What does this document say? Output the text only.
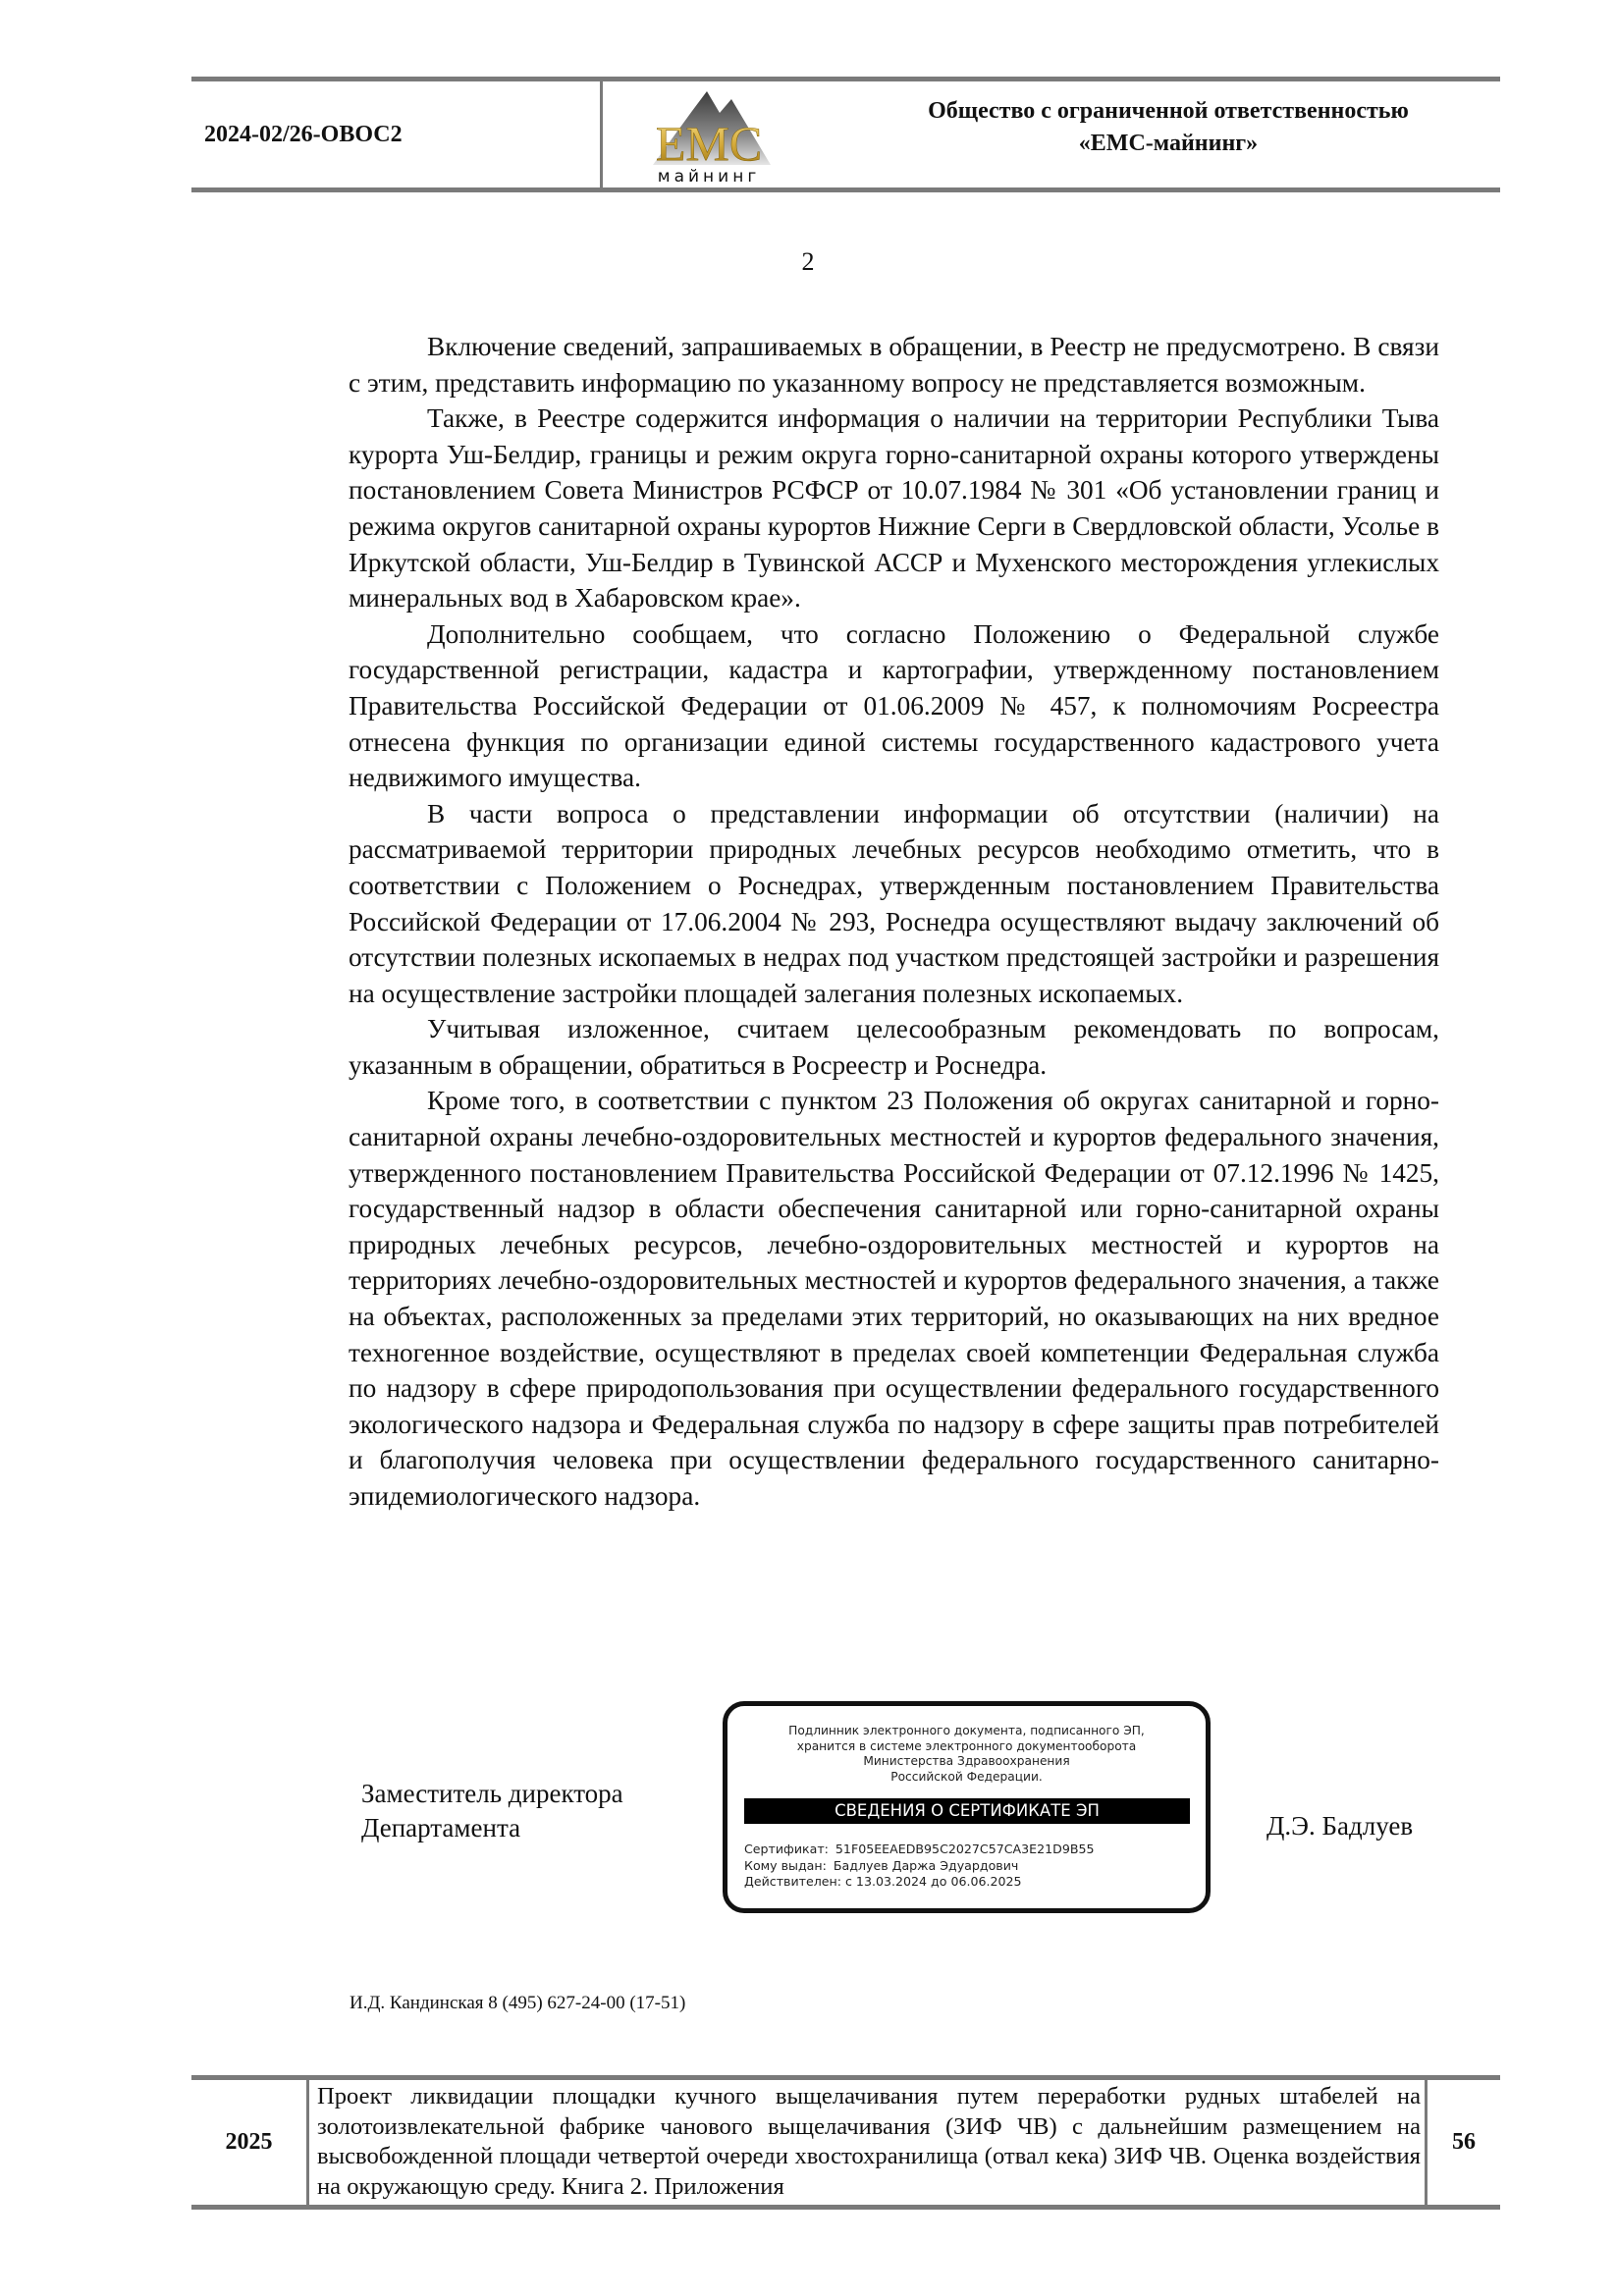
2024-02/26-ОВОС2	EMC
майнинг
Общество с ограниченной ответственностью
«ЕМС-майнинг»
2

Включение сведений, запрашиваемых в обращении, в Реестр не предусмотрено. В связи с этим, представить информацию по указанному вопросу не представляется возможным.

Также, в Реестре содержится информация о наличии на территории Республики Тыва курорта Уш-Белдир, границы и режим округа горно-санитарной охраны которого утверждены постановлением Совета Министров РСФСР от 10.07.1984 № 301 «Об установлении границ и режима округов санитарной охраны курортов Нижние Серги в Свердловской области, Усолье в Иркутской области, Уш-Белдир в Тувинской АССР и Мухенского месторождения углекислых минеральных вод в Хабаровском крае».

Дополнительно сообщаем, что согласно Положению о Федеральной службе государственной регистрации, кадастра и картографии, утвержденному постановлением Правительства Российской Федерации от 01.06.2009 № 457, к полномочиям Росреестра отнесена функция по организации единой системы государственного кадастрового учета недвижимого имущества.

В части вопроса о представлении информации об отсутствии (наличии) на рассматриваемой территории природных лечебных ресурсов необходимо отметить, что в соответствии с Положением о Роснедрах, утвержденным постановлением Правительства Российской Федерации от 17.06.2004 № 293, Роснедра осуществляют выдачу заключений об отсутствии полезных ископаемых в недрах под участком предстоящей застройки и разрешения на осуществление застройки площадей залегания полезных ископаемых.

Учитывая изложенное, считаем целесообразным рекомендовать по вопросам, указанным в обращении, обратиться в Росреестр и Роснедра.

Кроме того, в соответствии с пунктом 23 Положения об округах санитарной и горно-санитарной охраны лечебно-оздоровительных местностей и курортов федерального значения, утвержденного постановлением Правительства Российской Федерации от 07.12.1996 № 1425, государственный надзор в области обеспечения санитарной или горно-санитарной охраны природных лечебных ресурсов, лечебно-оздоровительных местностей и курортов на территориях лечебно-оздоровительных местностей и курортов федерального значения, а также на объектах, расположенных за пределами этих территорий, но оказывающих на них вредное техногенное воздействие, осуществляют в пределах своей компетенции Федеральная служба по надзору в сфере природопользования при осуществлении федерального государственного экологического надзора и Федеральная служба по надзору в сфере защиты прав потребителей и благополучия человека при осуществлении федерального государственного санитарно-эпидемиологического надзора.

Заместитель директора
Департамента
Подлинник электронного документа, подписанного ЭП,
хранится в системе электронного документооборота
Министерства Здравоохранения
Российской Федерации.
СВЕДЕНИЯ О СЕРТИФИКАТЕ ЭП
Сертификат: 51F05EEAEDB95C2027C57CA3E21D9B55
Кому выдан: Бадлуев Даржа Эдуардович
Действителен: с 13.03.2024 до 06.06.2025
Д.Э. Бадлуев
И.Д. Кандинская 8 (495) 627-24-00 (17-51)
2025
Проект ликвидации площадки кучного выщелачивания путем переработки рудных штабелей на золотоизвлекательной фабрике чанового выщелачивания (ЗИФ ЧВ) с дальнейшим размещением на высвобожденной площади четвертой очереди хвостохранилища (отвал кека) ЗИФ ЧВ. Оценка воздействия на окружающую среду. Книга 2. Приложения
56
